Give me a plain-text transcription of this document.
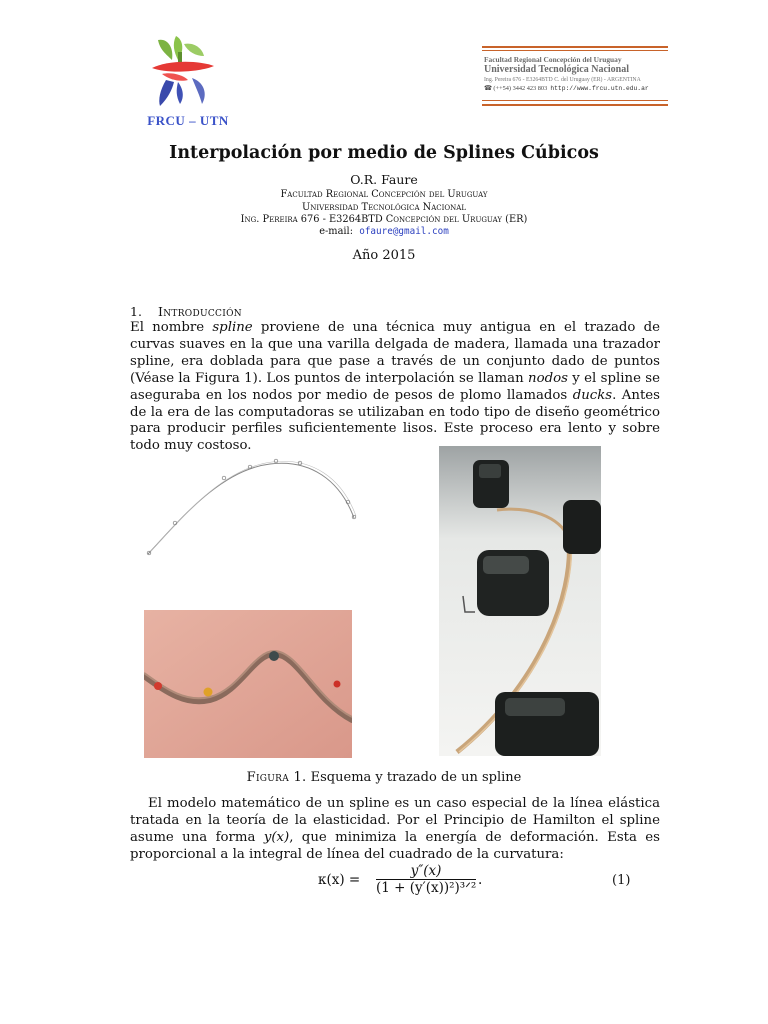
FRCU – UTN
Facultad Regional Concepción del Uruguay
Universidad Tecnológica Nacional
Ing. Pereira 676 - E3264BTD C. del Uruguay (ER) - ARGENTINA
☎ (++54) 3442 423 803 http://www.frcu.utn.edu.ar
Interpolación por medio de Splines Cúbicos
O.R. Faure
Facultad Regional Concepción del Uruguay
Universidad Tecnológica Nacional
Ing. Pereira 676 - E3264BTD Concepción del Uruguay (ER)
e-mail: ofaure@gmail.com
Año 2015
1. Introducción
El nombre spline proviene de una técnica muy antigua en el trazado de curvas suaves en la que una varilla delgada de madera, llamada una trazador spline, era doblada para que pase a través de un conjunto dado de puntos (Véase la Figura 1). Los puntos de interpolación se llaman nodos y el spline se aseguraba en los nodos por medio de pesos de plomo llamados ducks. Antes de la era de las computadoras se utilizaban en todo tipo de diseño geométrico para producir perfiles suficientemente lisos. Este proceso era lento y sobre todo muy costoso.
Figura 1. Esquema y trazado de un spline
El modelo matemático de un spline es un caso especial de la línea elástica tratada en la teoría de la elasticidad. Por el Principio de Hamilton el spline asume una forma y(x), que minimiza la energía de deformación. Esta es proporcional a la integral de línea del cuadrado de la curvatura:
κ(x) =
y″(x)
(1 + (y′(x))²)³ᐟ² .	(1)
